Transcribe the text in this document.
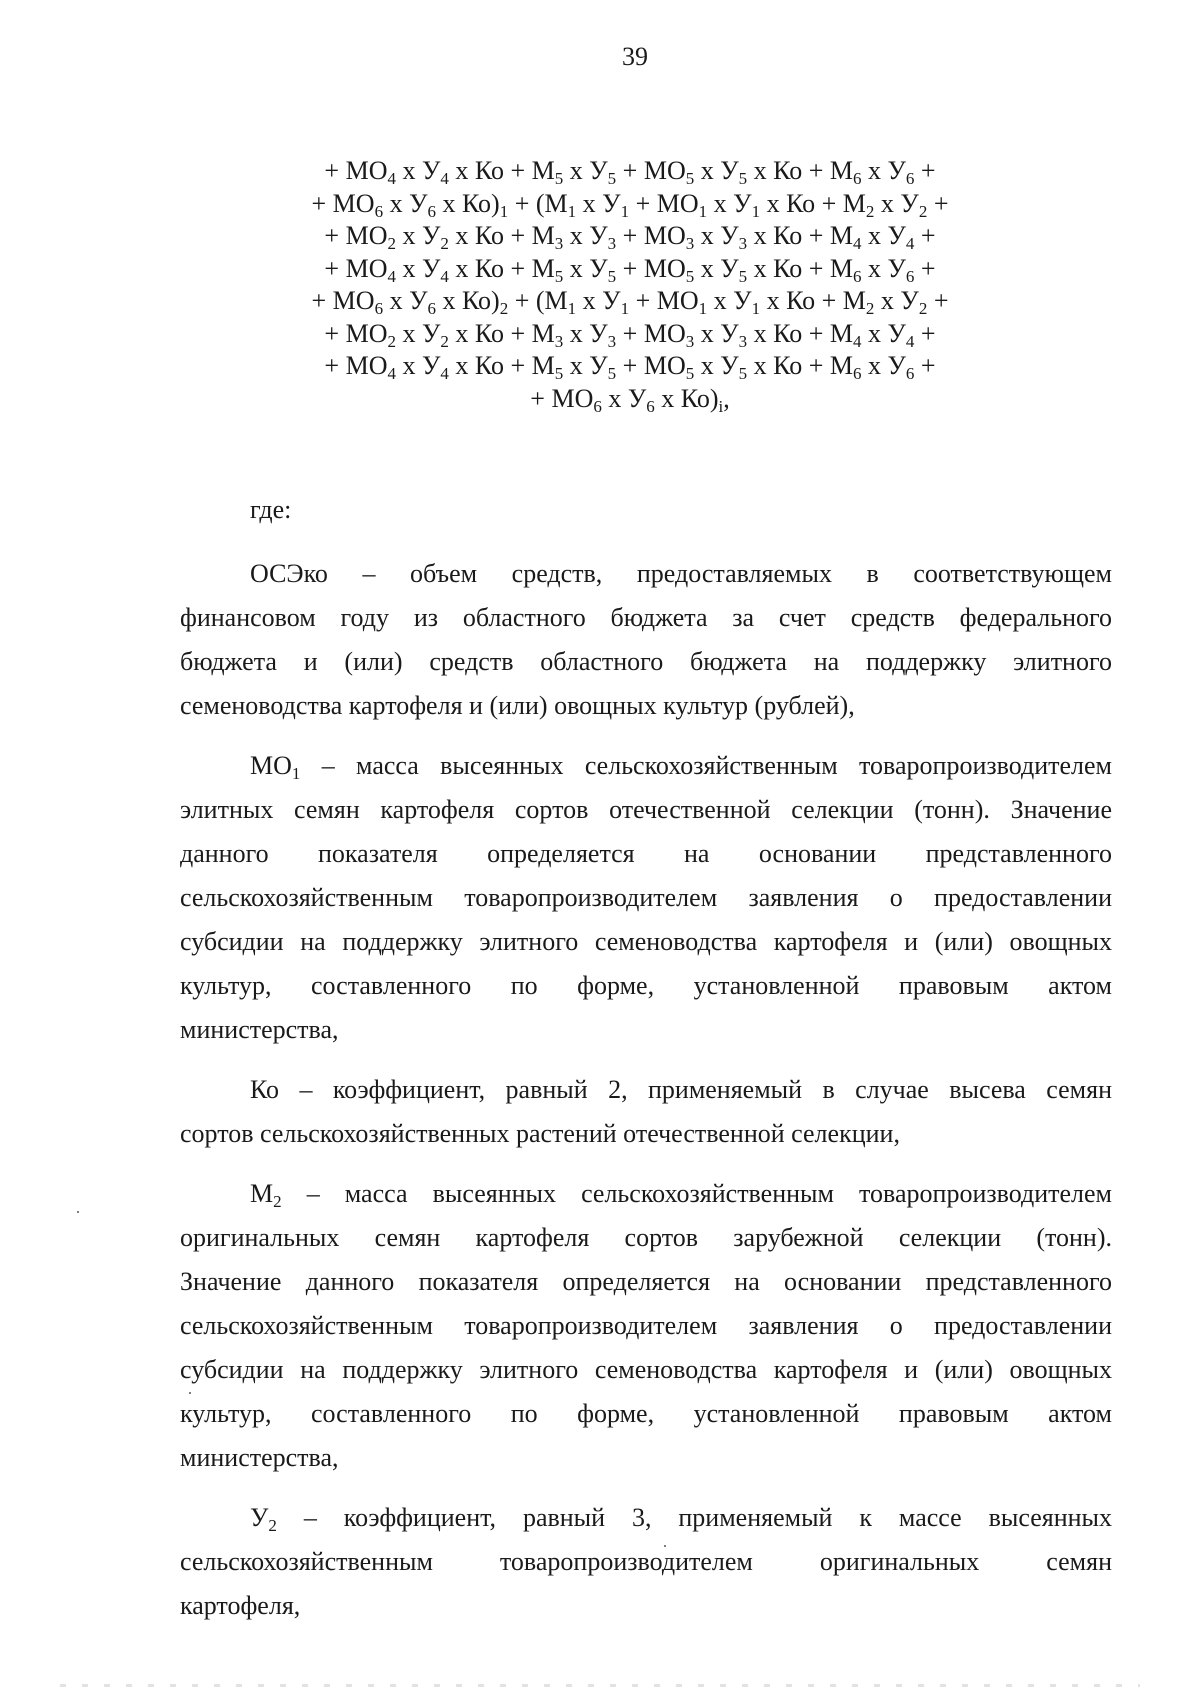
39
+ $МО_4$ х $У_4$ х Ко + $М_5$ х $У_5 + МО_5$ х $У_5$ х Ко + $М_6$ х $У_6$ +
+ $МО_6$ х $У_6$ х $Ко)_1 + (М_1$ х $У_1 + МО_1$ х $У_1$ х Ко + $М_2$ х $У_2$ +
+ $МО_2$ х $У_2$ х Ко + $М_3$ х $У_3 + МО_3$ х $У_3$ х Ко + $М_4$ х $У_4$ +
+ $МО_4$ х $У_4$ х Ко + $М_5$ х $У_5 + МО_5$ х $У_5$ х Ко + $М_6$ х $У_6$ +
+ $МО_6$ х $У_6$ х $Ко)_2 + (М_1$ х $У_1 + МО_1$ х $У_1$ х Ко + $М_2$ х $У_2$ +
+ $МО_2$ х $У_2$ х Ко + $М_3$ х $У_3 + МО_3$ х $У_3$ х Ко + $М_4$ х $У_4$ +
+ $МО_4$ х $У_4$ х Ко + $М_5$ х $У_5 + МО_5$ х $У_5$ х Ко + $М_6$ х $У_6$ +
+ $МО_6$ х $У_6$ х $Ко)_i$,
где:
ОСЭко – объем средств, предоставляемых в соответствующем
финансовом году из областного бюджета за счет средств федерального
бюджета и (или) средств областного бюджета на поддержку элитного
семеноводства картофеля и (или) овощных культур (рублей),
$МО_1$ – масса высеянных сельскохозяйственным товаропроизводителем
элитных семян картофеля сортов отечественной селекции (тонн). Значение
данного показателя определяется на основании представленного
сельскохозяйственным товаропроизводителем заявления о предоставлении
субсидии на поддержку элитного семеноводства картофеля и (или) овощных
культур, составленного по форме, установленной правовым актом
министерства,
Ко – коэффициент, равный 2, применяемый в случае высева семян
сортов сельскохозяйственных растений отечественной селекции,
$М_2$ – масса высеянных сельскохозяйственным товаропроизводителем
оригинальных семян картофеля сортов зарубежной селекции (тонн).
Значение данного показателя определяется на основании представленного
сельскохозяйственным товаропроизводителем заявления о предоставлении
субсидии на поддержку элитного семеноводства картофеля и (или) овощных
культур, составленного по форме, установленной правовым актом
министерства,
$У_2$ – коэффициент, равный 3, применяемый к массе высеянных
сельскохозяйственным товаропроизводителем оригинальных семян
картофеля,
